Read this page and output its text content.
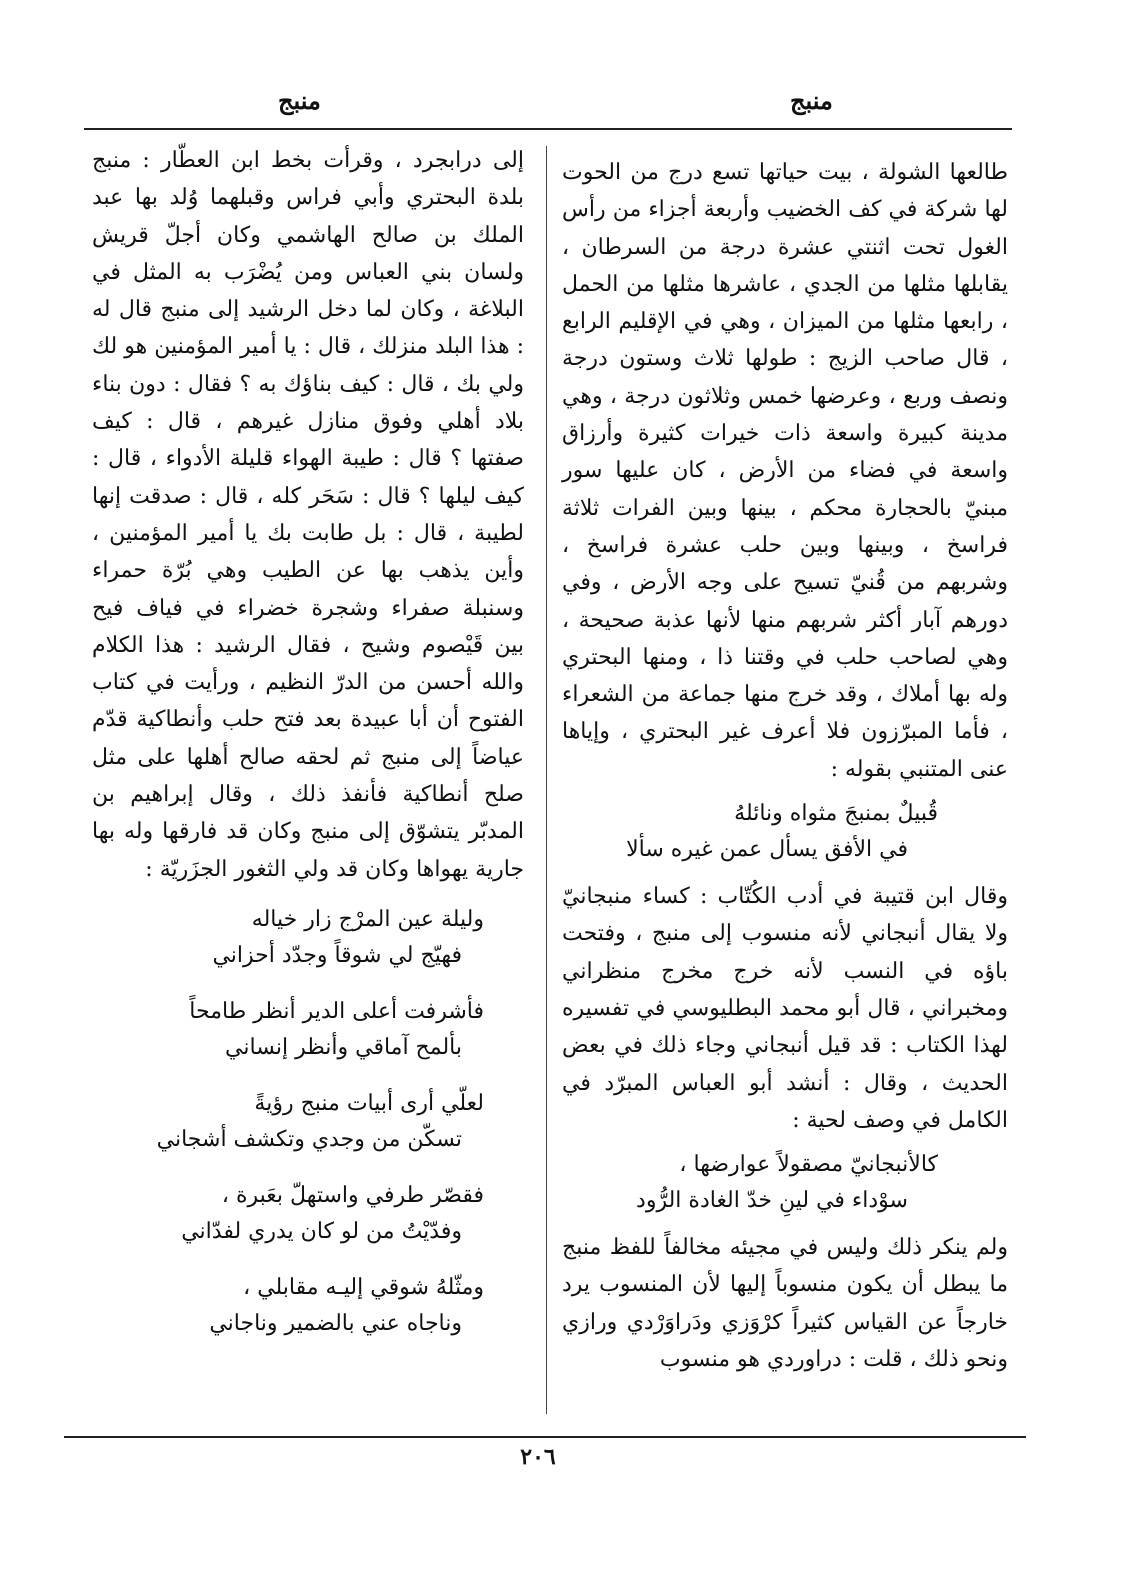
منبج
منبج

طالعها الشولة ، بيت حياتها تسع درج من الحوت لها شركة في كف الخضيب وأربعة أجزاء من رأس الغول تحت اثنتي عشرة درجة من السرطان ، يقابلها مثلها من الجدي ، عاشرها مثلها من الحمل ، رابعها مثلها من الميزان ، وهي في الإقليم الرابع ، قال صاحب الزيج : طولها ثلاث وستون درجة ونصف وربع ، وعرضها خمس وثلاثون درجة ، وهي مدينة كبيرة واسعة ذات خيرات كثيرة وأرزاق واسعة في فضاء من الأرض ، كان عليها سور مبنيّ بالحجارة محكم ، بينها وبين الفرات ثلاثة فراسخ ، وبينها وبين حلب عشرة فراسخ ، وشربهم من قُنيّ تسيح على وجه الأرض ، وفي دورهم آبار أكثر شربهم منها لأنها عذبة صحيحة ، وهي لصاحب حلب في وقتنا ذا ، ومنها البحتري وله بها أملاك ، وقد خرج منها جماعة من الشعراء ، فأما المبرّزون فلا أعرف غير البحتري ، وإياها عنى المتنبي بقوله :

قُبيلٌ بمنبجَ مثواه ونائلهُ
في الأفق يسأل عمن غيره سألا

وقال ابن قتيبة في أدب الكُتّاب : كساء منبجانيّ ولا يقال أنبجاني لأنه منسوب إلى منبج ، وفتحت باؤه في النسب لأنه خرج مخرج منظراني ومخبراني ، قال أبو محمد البطليوسي في تفسيره لهذا الكتاب : قد قيل أنبجاني وجاء ذلك في بعض الحديث ، وقال : أنشد أبو العباس المبرّد في الكامل في وصف لحية :

كالأنبجانيّ مصقولاً عوارضها ،
سوْداء في لينِ خدّ الغادة الرُّود

ولم ينكر ذلك وليس في مجيئه مخالفاً للفظ منبج ما يبطل أن يكون منسوباً إليها لأن المنسوب يرد خارجاً عن القياس كثيراً كرْوَزي ودَراوَرْدي ورازي ونحو ذلك ، قلت : دراوردي هو منسوب

إلى درابجرد ، وقرأت بخط ابن العطّار : منبج بلدة البحتري وأبي فراس وقبلهما وُلد بها عبد الملك بن صالح الهاشمي وكان أجلّ قريش ولسان بني العباس ومن يُضْرَب به المثل في البلاغة ، وكان لما دخل الرشيد إلى منبج قال له : هذا البلد منزلك ، قال : يا أمير المؤمنين هو لك ولي بك ، قال : كيف بناؤك به ؟ فقال : دون بناء بلاد أهلي وفوق منازل غيرهم ، قال : كيف صفتها ؟ قال : طيبة الهواء قليلة الأدواء ، قال : كيف ليلها ؟ قال : سَحَر كله ، قال : صدقت إنها لطيبة ، قال : بل طابت بك يا أمير المؤمنين ، وأين يذهب بها عن الطيب وهي بُرّة حمراء وسنبلة صفراء وشجرة خضراء في فياف فيح بين قَيْصوم وشيح ، فقال الرشيد : هذا الكلام والله أحسن من الدرّ النظيم ، ورأيت في كتاب الفتوح أن أبا عبيدة بعد فتح حلب وأنطاكية قدّم عياضاً إلى منبج ثم لحقه صالح أهلها على مثل صلح أنطاكية فأنفذ ذلك ، وقال إبراهيم بن المدبّر يتشوّق إلى منبج وكان قد فارقها وله بها جارية يهواها وكان قد ولي الثغور الجزَريّة :

وليلة عين المرْج زار خياله
فهيّج لي شوقاً وجدّد أحزاني
فأشرفت أعلى الدير أنظر طامحاً
بألمح آماقي وأنظر إنساني
لعلّي أرى أبيات منبج رؤيةً
تسكّن من وجدي وتكشف أشجاني
فقصّر طرفي واستهلّ بعَبرة ،
وفدّيْتُ من لو كان يدري لفدّاني
ومثّلهُ شوقي إليـه مقابلي ،
وناجاه عني بالضمير وناجاني
٢٠٦
